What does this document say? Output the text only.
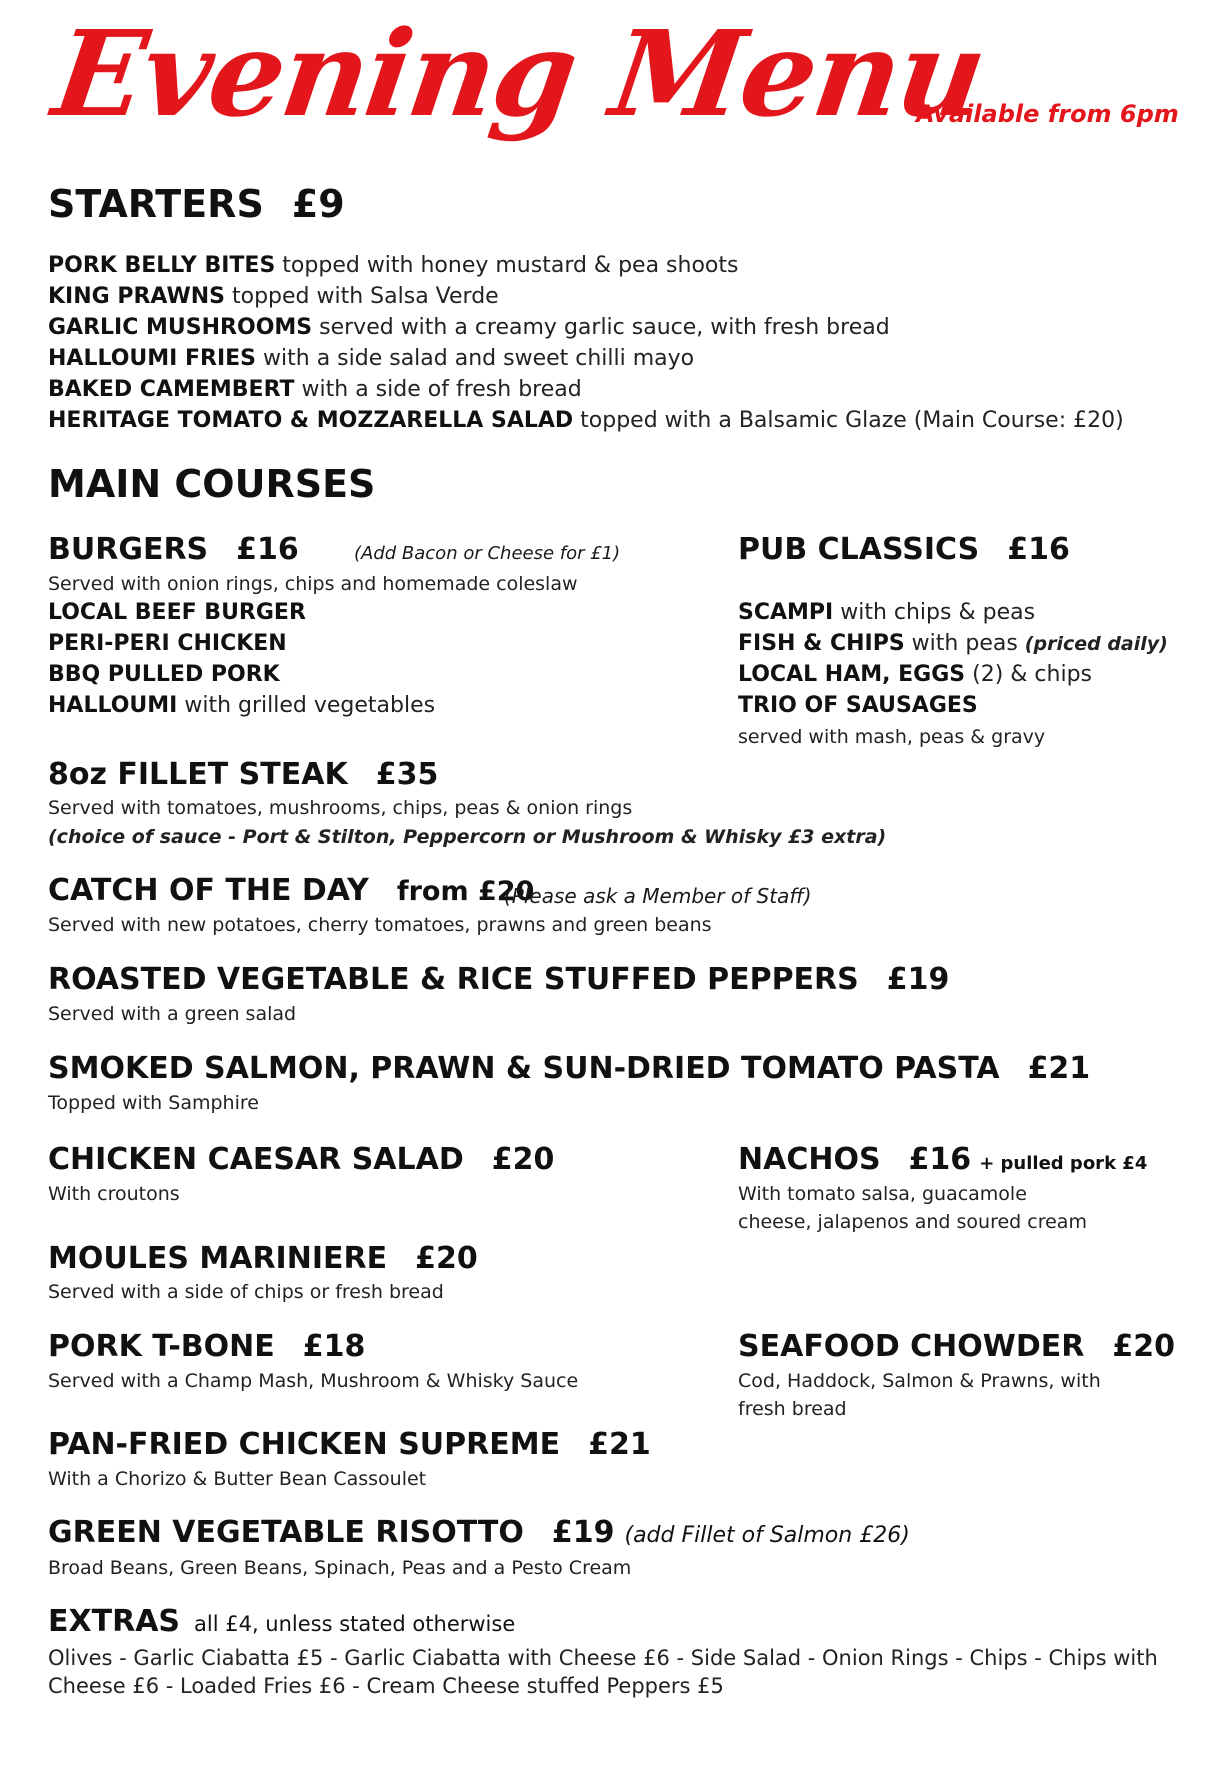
Evening Menu
Available from 6pm
STARTERS £9
PORK BELLY BITES topped with honey mustard & pea shoots
KING PRAWNS topped with Salsa Verde
GARLIC MUSHROOMS served with a creamy garlic sauce, with fresh bread
HALLOUMI FRIES with a side salad and sweet chilli mayo
BAKED CAMEMBERT with a side of fresh bread
HERITAGE TOMATO & MOZZARELLA SALAD topped with a Balsamic Glaze (Main Course: £20)
MAIN COURSES
BURGERS £16	(Add Bacon or Cheese for £1)
Served with onion rings, chips and homemade coleslaw
LOCAL BEEF BURGER
PERI-PERI CHICKEN
BBQ PULLED PORK
HALLOUMI with grilled vegetables
PUB CLASSICS £16
SCAMPI with chips & peas
FISH & CHIPS with peas (priced daily)
LOCAL HAM, EGGS (2) & chips
TRIO OF SAUSAGES
served with mash, peas & gravy
8oz FILLET STEAK £35
Served with tomatoes, mushrooms, chips, peas & onion rings
(choice of sauce - Port & Stilton, Peppercorn or Mushroom & Whisky £3 extra)
CATCH OF THE DAY from £20
(Please ask a Member of Staff)
Served with new potatoes, cherry tomatoes, prawns and green beans
ROASTED VEGETABLE & RICE STUFFED PEPPERS £19
Served with a green salad
SMOKED SALMON, PRAWN & SUN-DRIED TOMATO PASTA £21
Topped with Samphire
CHICKEN CAESAR SALAD £20
With croutons
NACHOS £16 + pulled pork £4
With tomato salsa, guacamole
cheese, jalapenos and soured cream
MOULES MARINIERE £20
Served with a side of chips or fresh bread
PORK T-BONE £18
Served with a Champ Mash, Mushroom & Whisky Sauce
SEAFOOD CHOWDER £20
Cod, Haddock, Salmon & Prawns, with
fresh bread
PAN-FRIED CHICKEN SUPREME £21
With a Chorizo & Butter Bean Cassoulet
GREEN VEGETABLE RISOTTO £19 (add Fillet of Salmon £26)
Broad Beans, Green Beans, Spinach, Peas and a Pesto Cream
EXTRAS all £4, unless stated otherwise
Olives - Garlic Ciabatta £5 - Garlic Ciabatta with Cheese £6 - Side Salad - Onion Rings - Chips - Chips with Cheese £6 - Loaded Fries £6 - Cream Cheese stuffed Peppers £5
